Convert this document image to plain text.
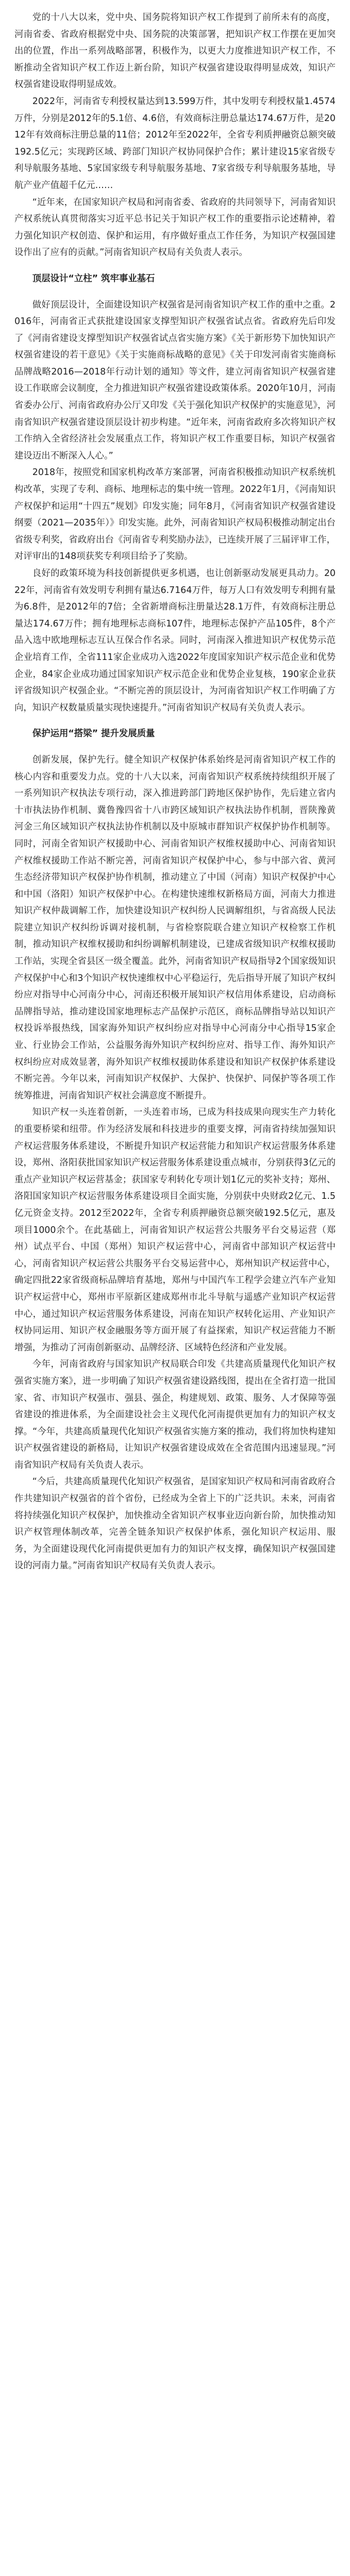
党的十八大以来，党中央、国务院将知识产权工作提到了前所未有的高度，河南省委、省政府根据党中央、国务院的决策部署，把知识产权工作摆在更加突出的位置，作出一系列战略部署，积极作为，以更大力度推进知识产权工作，不断推动全省知识产权工作迈上新台阶，知识产权强省建设取得明显成效，知识产权强省建设取得明显成效。

2022年，河南省专利授权量达到13.599万件，其中发明专利授权量1.4574万件，分别是2012年的5.1倍、4.6倍，有效商标注册总量达174.67万件，是2012年有效商标注册总量的11倍；2012年至2022年，全省专利质押融资总额突破192.5亿元；实现跨区域、跨部门知识产权协同保护合作；累计建设15家省级专利导航服务基地、5家国家级专利导航服务基地、7家省级专利导航服务基地，导航产业产值超千亿元……

“近年来，在国家知识产权局和河南省委、省政府的共同领导下，河南省知识产权系统认真贯彻落实习近平总书记关于知识产权工作的重要指示论述精神，着力强化知识产权创造、保护和运用，有序做好重点工作任务，为知识产权强国建设作出了应有的贡献。”河南省知识产权局有关负责人表示。

顶层设计“立柱” 筑牢事业基石

做好顶层设计，全面建设知识产权强省是河南省知识产权工作的重中之重。2016年，河南省正式获批建设国家支撑型知识产权强省试点省。省政府先后印发了《河南省建设支撑型知识产权强省试点省实施方案》《关于新形势下加快知识产权强省建设的若干意见》《关于实施商标战略的意见》《关于印发河南省实施商标品牌战略2016—2018年行动计划的通知》等文件，建立河南省知识产权强省建设工作联席会议制度，全力推进知识产权强省建设政策体系。2020年10月，河南省委办公厅、河南省政府办公厅又印发《关于强化知识产权保护的实施意见》，河南省知识产权强省建设顶层设计初步构建。“近年来，河南省政府多次将知识产权工作纳入全省经济社会发展重点工作，将知识产权工作重要目标，知识产权强省建设迈出不断深入人心。”

2018年，按照党和国家机构改革方案部署，河南省积极推动知识产权系统机构改革，实现了专利、商标、地理标志的集中统一管理。2022年1月，《河南知识产权保护和运用“十四五”规划》印发实施；同年8月，《河南省知识产权强省建设纲要（2021—2035年）》印发实施。此外，河南省知识产权局积极推动制定出台省级专利奖，省政府出台《河南省专利奖励办法》，已连续开展了三届评审工作，对评审出的148项获奖专利项目给予了奖励。

良好的政策环境为科技创新提供更多机遇，也让创新驱动发展更具动力。2022年，河南省有效发明专利拥有量达6.7164万件，每万人口有效发明专利拥有量为6.8件，是2012年的7倍；全省新增商标注册量达28.1万件，有效商标注册总量达174.67万件；拥有地理标志商标107件，地理标志保护产品105件，8个产品入选中欧地理标志互认互保合作名录。同时，河南深入推进知识产权优势示范企业培育工作，全省111家企业成功入选2022年度国家知识产权示范企业和优势企业，84家企业成功通过国家知识产权示范企业和优势企业复核，190家企业获评省级知识产权强企业。“不断完善的顶层设计，为河南省知识产权工作明确了方向，知识产权数量质量实现快速提升。”河南省知识产权局有关负责人表示。

保护运用“搭梁” 提升发展质量

创新发展，保护先行。健全知识产权保护体系始终是河南省知识产权工作的核心内容和重要发力点。党的十八大以来，河南省知识产权系统持续组织开展了一系列知识产权执法专项行动，深入推进跨部门跨地区保护协作，先后建立省内十市执法协作机制、冀鲁豫四省十八市跨区域知识产权执法协作机制，晋陕豫黄河金三角区域知识产权执法协作机制以及中原城市群知识产权保护协作机制等。同时，河南全省知识产权援助中心、河南省知识产权维权援助中心、河南省知识产权维权援助工作站不断完善，河南省知识产权保护中心，参与中部六省、黄河生态经济带知识产权保护协作机制，推动建立了中国（河南）知识产权保护中心和中国（洛阳）知识产权保护中心。在构建快速维权新格局方面，河南大力推进知识产权仲裁调解工作，加快建设知识产权纠纷人民调解组织，与省高级人民法院建立知识产权纠纷诉调对接机制，与省检察院联合建立知识产权检察工作机制，推动知识产权维权援助和纠纷调解机制建设，已建成省级知识产权维权援助工作站，实现全省县区一级全覆盖。此外，河南省知识产权局指导2个国家级知识产权保护中心和3个知识产权快速维权中心平稳运行，先后指导开展了知识产权纠纷应对指导中心河南分中心，河南还积极开展知识产权信用体系建设，启动商标品牌指导站，推动建设国家地理标志产品保护示范区，商标品牌指导站以知识产权投诉举报热线，国家海外知识产权纠纷应对指导中心河南分中心指导15家企业、行业协会工作站，公益服务海外知识产权纠纷应对、指导工作、海外知识产权纠纷应对成效显著，海外知识产权维权援助体系建设和知识产权保护体系建设不断完善。今年以来，河南知识产权保护、大保护、快保护、同保护等各项工作统筹推进，河南省知识产权社会满意度不断提升。

知识产权一头连着创新，一头连着市场，已成为科技成果向现实生产力转化的重要桥梁和纽带。作为经济发展和科技进步的重要支撑，河南省持续加强知识产权运营服务体系建设，不断提升知识产权运营能力和知识产权运营服务体系建设，郑州、洛阳获批国家知识产权运营服务体系建设重点城市，分别获得3亿元的重点产业知识产权运营基金；获国家专利转化专项计划1亿元的奖补支持；郑州、洛阳国家知识产权运营服务体系建设项目全面实施，分别获中央财政2亿元、1.5亿元资金支持。2012至2022年，全省专利质押融资总额突破192.5亿元，惠及项目1000余个。在此基础上，河南省知识产权运营公共服务平台交易运营（郑州）试点平台、中国（郑州）知识产权运营中心，河南省中部知识产权运营中心，河南省知识产权运营公共服务平台交易运营中心，郑州知识产权运营中心，确定四批22家省级商标品牌培育基地，郑州与中国汽车工程学会建立汽车产业知识产权运营中心，郑州市平原新区建成郑州市北斗导航与遥感产业知识产权运营中心，通过知识产权运营服务体系建设，河南在知识产权转化运用、产业知识产权协同运用、知识产权金融服务等方面开展了有益探索，知识产权运营能力不断增强，为推动了河南创新驱动、品牌经济、区域特色经济和产业发展。

今年，河南省政府与国家知识产权局联合印发《共建高质量现代化知识产权强省实施方案》，进一步明确了知识产权强省建设路线图，提出在全省打造一批国家、省、市知识产权强市、强县、强企，构建规划、政策、服务、人才保障等强省建设的推进体系，为全面建设社会主义现代化河南提供更加有力的知识产权支撑。“今年，共建高质量现代化知识产权强省实施方案的推动，我们将加快构建知识产权强省建设的新格局，让知识产权强省建设成效在全省范围内迅速显现。”河南省知识产权局有关负责人表示。

“今后，共建高质量现代化知识产权强省，是国家知识产权局和河南省政府合作共建知识产权强省的首个省份，已经成为全省上下的广泛共识。未来，河南省将持续强化知识产权保护，加快推动全省知识产权事业迈向新台阶，加快推动知识产权管理体制改革，完善全链条知识产权保护体系，强化知识产权运用、服务，为全面建设现代化河南提供更加有力的知识产权支撑，确保知识产权强国建设的河南力量。”河南省知识产权局有关负责人表示。
